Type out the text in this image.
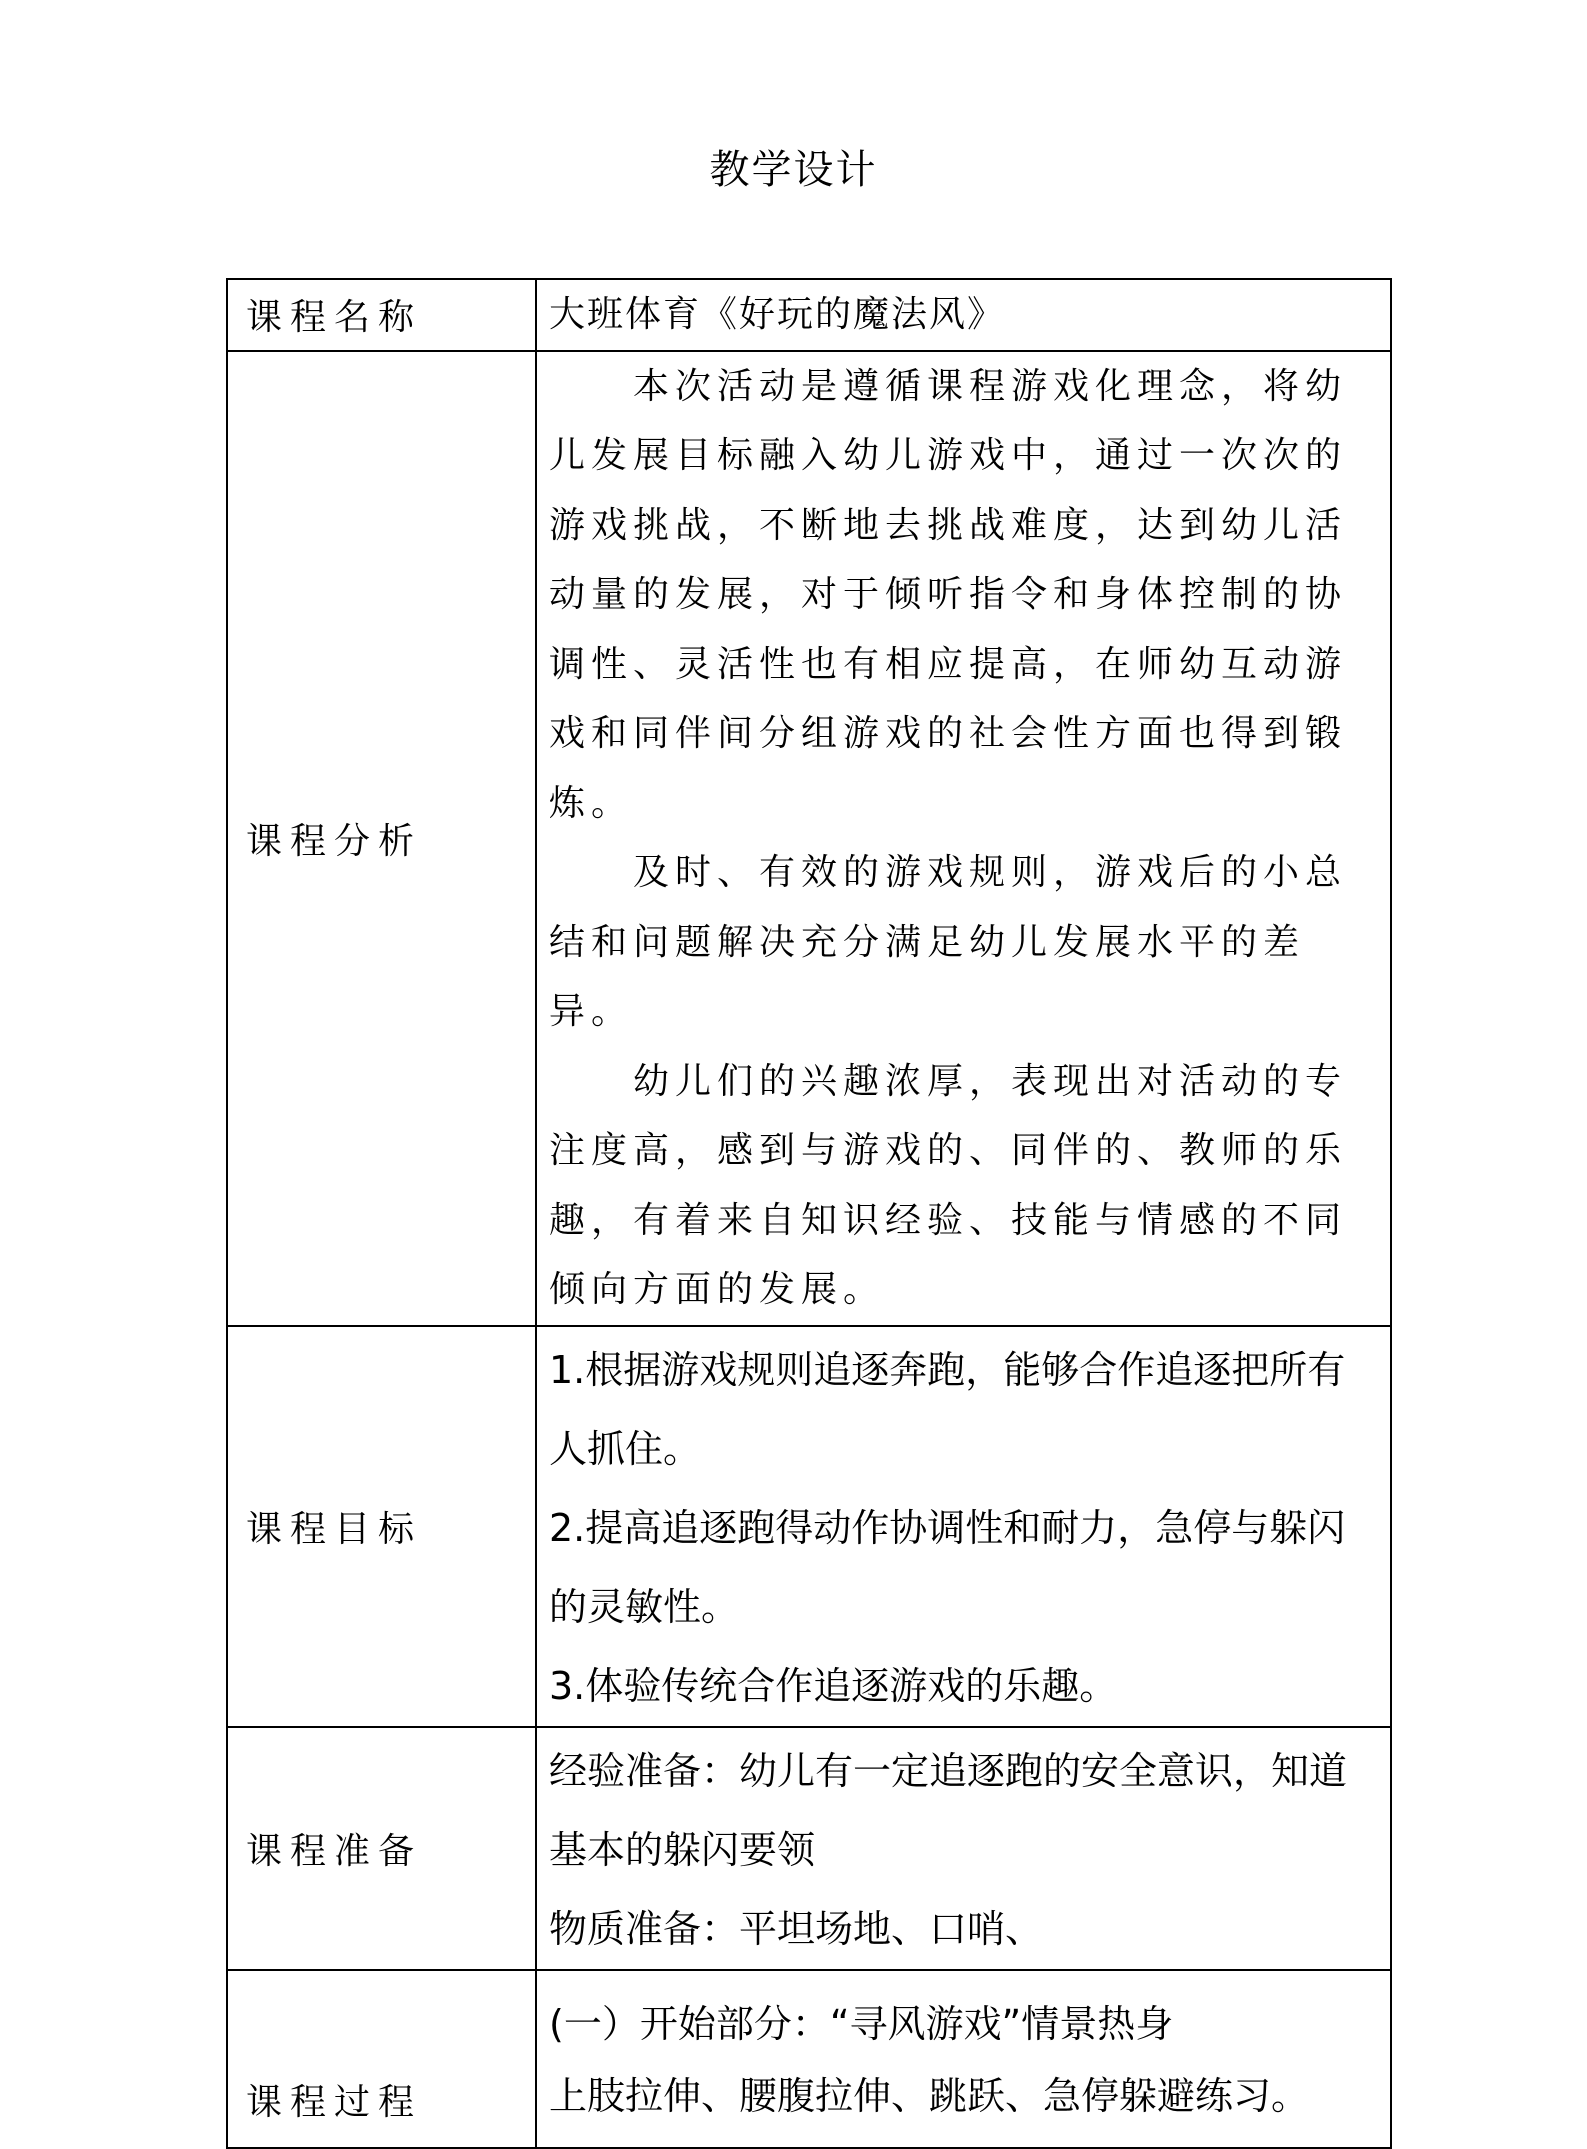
教学设计
课程名称	大班体育《好玩的魔法风》
课程分析	本次活动是遵循课程游戏化理念，将幼儿发展目标融入幼儿游戏中，通过一次次的游戏挑战，不断地去挑战难度，达到幼儿活动量的发展，对于倾听指令和身体控制的协调性、灵活性也有相应提高，在师幼互动游戏和同伴间分组游戏的社会性方面也得到锻炼。

及时、有效的游戏规则，游戏后的小总结和问题解决充分满足幼儿发展水平的差异。

幼儿们的兴趣浓厚，表现出对活动的专注度高，感到与游戏的、同伴的、教师的乐趣，有着来自知识经验、技能与情感的不同倾向方面的发展。

课程目标	1.根据游戏规则追逐奔跑，能够合作追逐把所有人抓住。

2.提高追逐跑得动作协调性和耐力，急停与躲闪的灵敏性。

3.体验传统合作追逐游戏的乐趣。

课程准备	经验准备：幼儿有一定追逐跑的安全意识，知道基本的躲闪要领

物质准备：平坦场地、口哨、

课程过程	(一）开始部分：“寻风游戏”情景热身

上肢拉伸、腰腹拉伸、跳跃、急停躲避练习。
